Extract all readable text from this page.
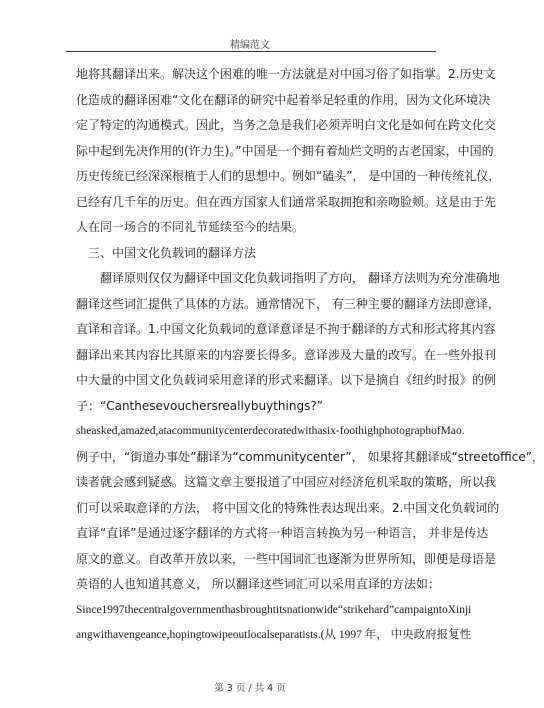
精编范文
地将其翻译出来。解决这个困难的唯一方法就是对中国习俗了如指掌。2.历史文
化造成的翻译困难“文化在翻译的研究中起着举足轻重的作用，因为文化环境决
定了特定的沟通模式。因此，当务之急是我们必须弄明白文化是如何在跨文化交
际中起到先决作用的(许力生)。”中国是一个拥有着灿烂文明的古老国家，中国的
历史传统已经深深根植于人们的思想中。例如“磕头”， 是中国的一种传统礼仪，
已经有几千年的历史。但在西方国家人们通常采取拥抱和亲吻脸颊。这是由于先
人在同一场合的不同礼节延续至今的结果。
三、中国文化负载词的翻译方法
翻译原则仅仅为翻译中国文化负载词指明了方向， 翻译方法则为充分准确地
翻译这些词汇提供了具体的方法。通常情况下， 有三种主要的翻译方法即意译，
直译和音译。1.中国文化负载词的意译意译是不拘于翻译的方式和形式将其内容
翻译出来其内容比其原来的内容要长得多。意译涉及大量的改写。在一些外报刊
中大量的中国文化负载词采用意译的形式来翻译。以下是摘自《纽约时报》的例
子：“Canthesevouchersreallybuythings?”
sheasked,amazed,atacommunitycenterdecoratedwithasix-foothighphotographofMao.
例子中，“街道办事处”翻译为“communitycenter”， 如果将其翻译成“streetoffice”，
读者就会感到疑惑。这篇文章主要报道了中国应对经济危机采取的策略，所以我
们可以采取意译的方法， 将中国文化的特殊性表达现出来。2.中国文化负载词的
直译“直译”是通过逐字翻译的方式将一种语言转换为另一种语言， 并非是传达
原文的意义。自改革开放以来，一些中国词汇也逐渐为世界所知，即便是母语是
英语的人也知道其意义， 所以翻译这些词汇可以采用直译的方法如：
Since1997thecentralgovernmenthasbroughtitsnationwide“strikehard”campaigntoXinji
angwithavengeance,hopingtowipeoutlocalseparatists.(从 1997 年， 中央政府报复性
第 3 页 / 共 4 页
